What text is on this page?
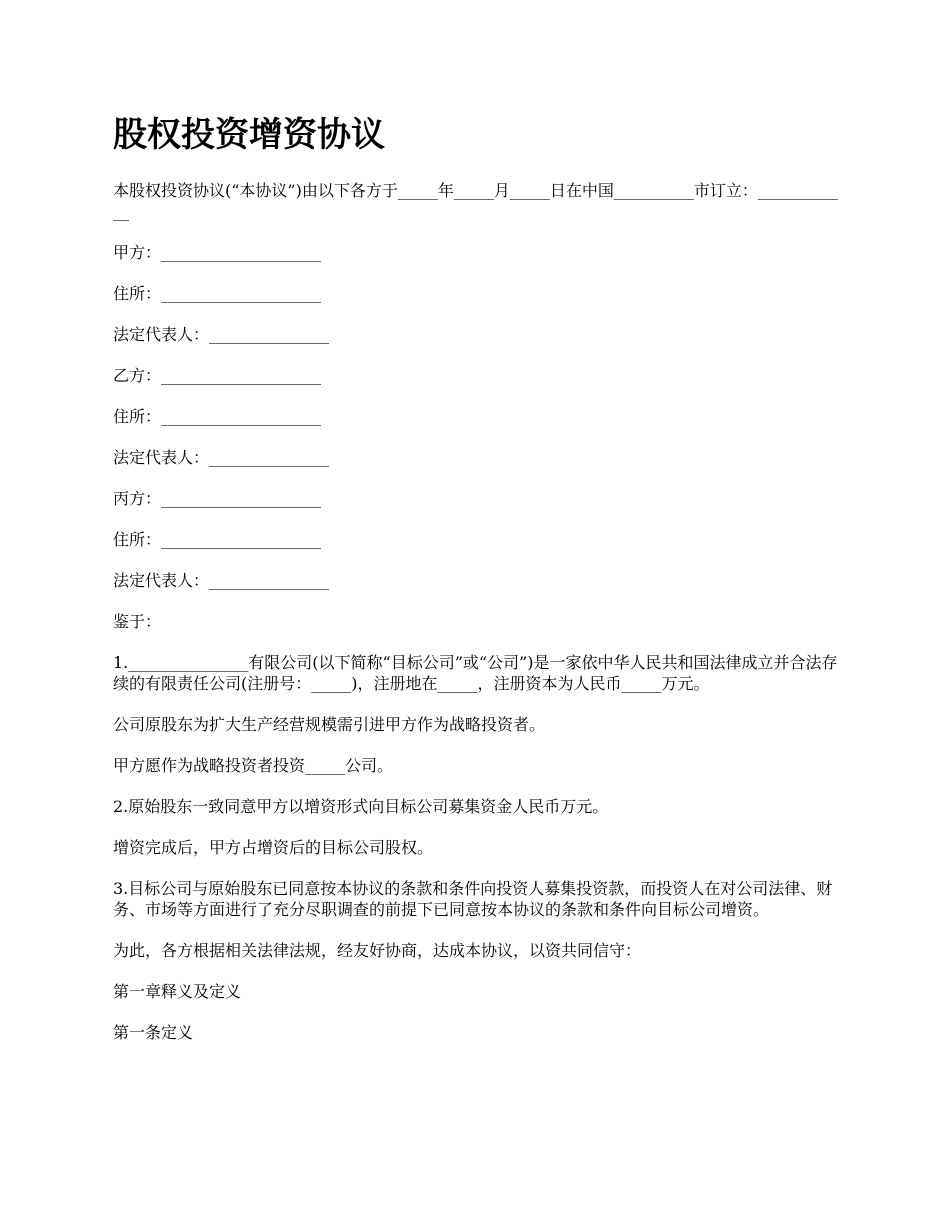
股权投资增资协议

本股权投资协议(“本协议”)由以下各方于_____年_____月_____日在中国__________市订立：____________

甲方：____________________

住所：____________________

法定代表人：_______________

乙方：____________________

住所：____________________

法定代表人：_______________

丙方：____________________

住所：____________________

法定代表人：_______________

鉴于：

1._______________有限公司(以下简称“目标公司”或“公司”)是一家依中华人民共和国法律成立并合法存续的有限责任公司(注册号：_____)，注册地在_____，注册资本为人民币_____万元。

公司原股东为扩大生产经营规模需引进甲方作为战略投资者。

甲方愿作为战略投资者投资_____公司。

2.原始股东一致同意甲方以增资形式向目标公司募集资金人民币万元。

增资完成后，甲方占增资后的目标公司股权。

3.目标公司与原始股东已同意按本协议的条款和条件向投资人募集投资款，而投资人在对公司法律、财务、市场等方面进行了充分尽职调查的前提下已同意按本协议的条款和条件向目标公司增资。

为此，各方根据相关法律法规，经友好协商，达成本协议，以资共同信守：

第一章释义及定义

第一条定义
